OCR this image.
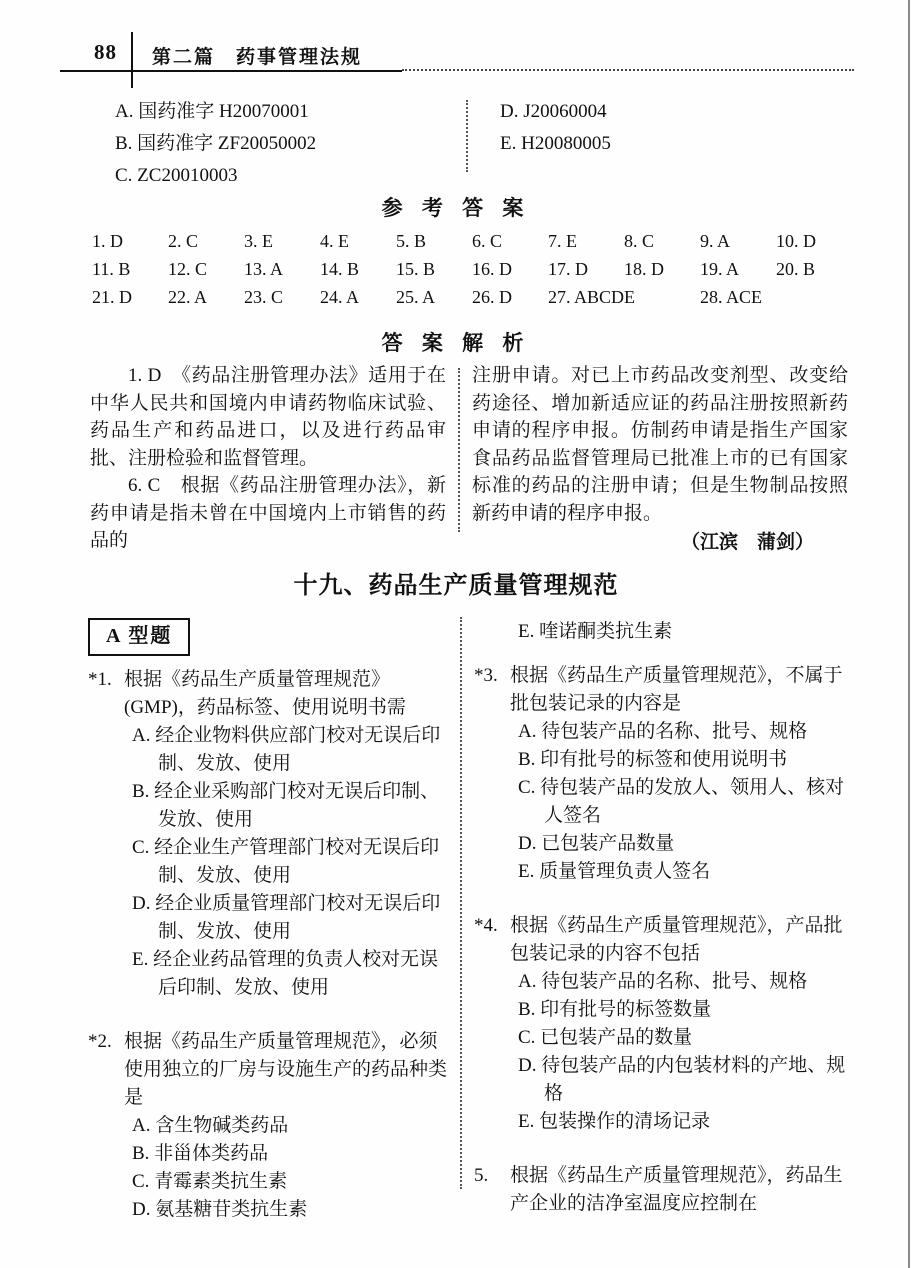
88 第二篇　药事管理法规
A. 国药准字 H20070001
B. 国药准字 ZF20050002
C. ZC20010003
D. J20060004
E. H20080005
参 考 答 案
1. D	2. C	3. E	4. E	5. B	6. C	7. E	8. C	9. A	10. D
11. B	12. C	13. A	14. B	15. B	16. D	17. D	18. D	19. A	20. B
21. D	22. A	23. C	24. A	25. A	26. D	27. ABCDE	28. ACE
答 案 解 析

1. D　《药品注册管理办法》适用于在中华人民共和国境内申请药物临床试验、药品生产和药品进口，以及进行药品审批、注册检验和监督管理。

6. C　根据《药品注册管理办法》，新药申请是指未曾在中国境内上市销售的药品的

注册申请。对已上市药品改变剂型、改变给药途径、增加新适应证的药品注册按照新药申请的程序申报。仿制药申请是指生产国家食品药品监督管理局已批准上市的已有国家标准的药品的注册申请；但是生物制品按照新药申请的程序申报。

（江滨　蒲剑）
十九、药品生产质量管理规范
A 型题
*1. 根据《药品生产质量管理规范》(GMP)，药品标签、使用说明书需

A. 经企业物料供应部门校对无误后印制、发放、使用
B. 经企业采购部门校对无误后印制、发放、使用
C. 经企业生产管理部门校对无误后印制、发放、使用
D. 经企业质量管理部门校对无误后印制、发放、使用
E. 经企业药品管理的负责人校对无误后印制、发放、使用
*2. 根据《药品生产质量管理规范》，必须使用独立的厂房与设施生产的药品种类是

A. 含生物碱类药品
B. 非甾体类药品
C. 青霉素类抗生素
D. 氨基糖苷类抗生素
E. 喹诺酮类抗生素
*3. 根据《药品生产质量管理规范》，不属于批包装记录的内容是

A. 待包装产品的名称、批号、规格
B. 印有批号的标签和使用说明书
C. 待包装产品的发放人、领用人、核对人签名
D. 已包装产品数量
E. 质量管理负责人签名
*4. 根据《药品生产质量管理规范》，产品批包装记录的内容不包括

A. 待包装产品的名称、批号、规格
B. 印有批号的标签数量
C. 已包装产品的数量
D. 待包装产品的内包装材料的产地、规格
E. 包装操作的清场记录
5.	根据《药品生产质量管理规范》，药品生产企业的洁净室温度应控制在
